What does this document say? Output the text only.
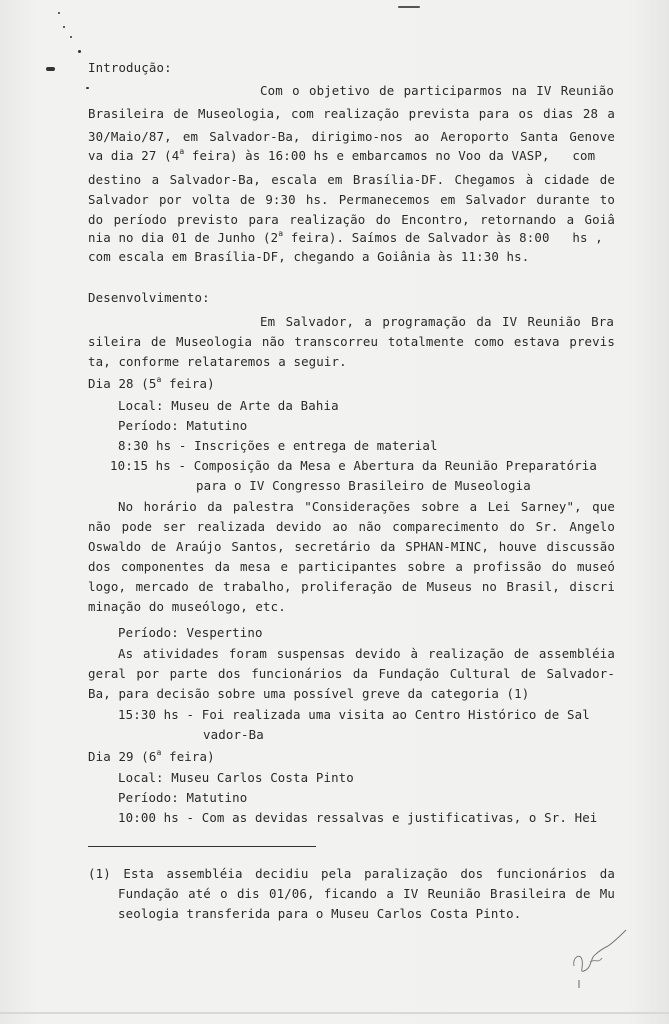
Introdução:
Com o objetivo de participarmos na IV Reunião
Brasileira de Museologia, com realização prevista para os dias 28 a
30/Maio/87, em Salvador-Ba, dirigimo-nos ao Aeroporto Santa Genove
va dia 27 (4$^a$ feira) às 16:00 hs e embarcamos no Voo da VASP,   com
destino a Salvador-Ba, escala em Brasília-DF. Chegamos à cidade de
Salvador por volta de 9:30 hs. Permanecemos em Salvador durante to
do período previsto para realização do Encontro, retornando a Goiâ
nia no dia 01 de Junho (2$^a$ feira). Saímos de Salvador às 8:00   hs ,
com escala em Brasília-DF, chegando a Goiânia às 11:30 hs.
Desenvolvimento:
Em Salvador, a programação da IV Reunião Bra
sileira de Museologia não transcorreu totalmente como estava previs
ta, conforme relataremos a seguir.
Dia 28 (5$^a$ feira)
Local: Museu de Arte da Bahia
Período: Matutino
8:30 hs - Inscrições e entrega de material
10:15 hs - Composição da Mesa e Abertura da Reunião Preparatória
para o IV Congresso Brasileiro de Museologia
No horário da palestra "Considerações sobre a Lei Sarney", que
não pode ser realizada devido ao não comparecimento do Sr. Angelo
Oswaldo de Araújo Santos, secretário da SPHAN-MINC, houve discussão
dos componentes da mesa e participantes sobre a profissão do museó
logo, mercado de trabalho, proliferação de Museus no Brasil, discri
minação do museólogo, etc.
Período: Vespertino
As atividades foram suspensas devido à realização de assembléia
geral por parte dos funcionários da Fundação Cultural de Salvador-
Ba, para decisão sobre uma possível greve da categoria (1)
15:30 hs - Foi realizada uma visita ao Centro Histórico de Sal
vador-Ba
Dia 29 (6$^a$ feira)
Local: Museu Carlos Costa Pinto
Período: Matutino
10:00 hs - Com as devidas ressalvas e justificativas, o Sr. Hei
(1) Esta assembléia decidiu pela paralização dos funcionários da
Fundação até o dis 01/06, ficando a IV Reunião Brasileira de Mu
seologia transferida para o Museu Carlos Costa Pinto.
